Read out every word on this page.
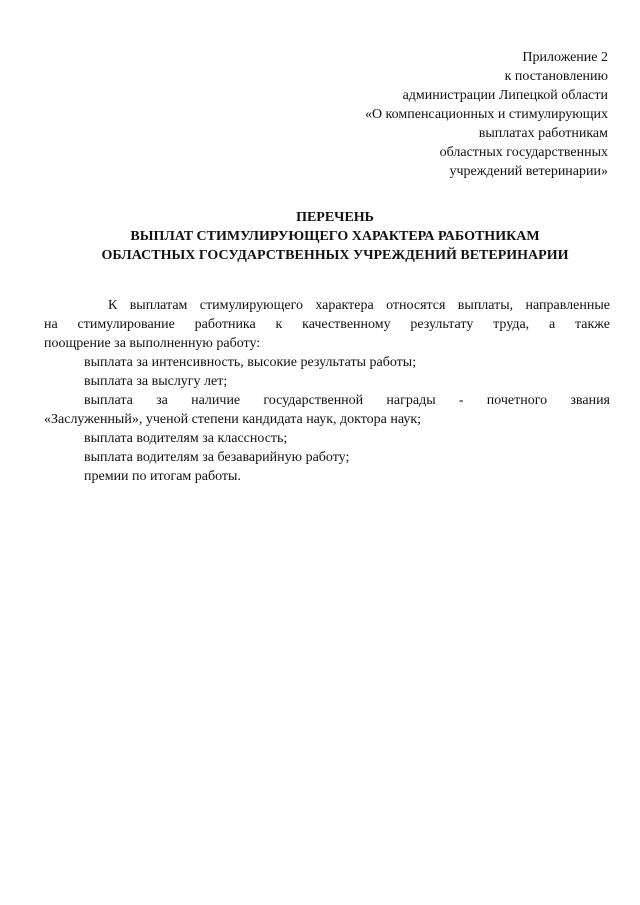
Приложение 2
к постановлению
администрации Липецкой области
«О компенсационных и стимулирующих
выплатах работникам
областных государственных
учреждений ветеринарии»
ПЕРЕЧЕНЬ
ВЫПЛАТ СТИМУЛИРУЮЩЕГО ХАРАКТЕРА РАБОТНИКАМ
ОБЛАСТНЫХ ГОСУДАРСТВЕННЫХ УЧРЕЖДЕНИЙ ВЕТЕРИНАРИИ
К выплатам стимулирующего характера относятся выплаты, направленные
на стимулирование работника к качественному результату труда, а также
поощрение за выполненную работу:
выплата за интенсивность, высокие результаты работы;
выплата за выслугу лет;
выплата за наличие государственной награды - почетного звания
«Заслуженный», ученой степени кандидата наук, доктора наук;
выплата водителям за классность;
выплата водителям за безаварийную работу;
премии по итогам работы.
